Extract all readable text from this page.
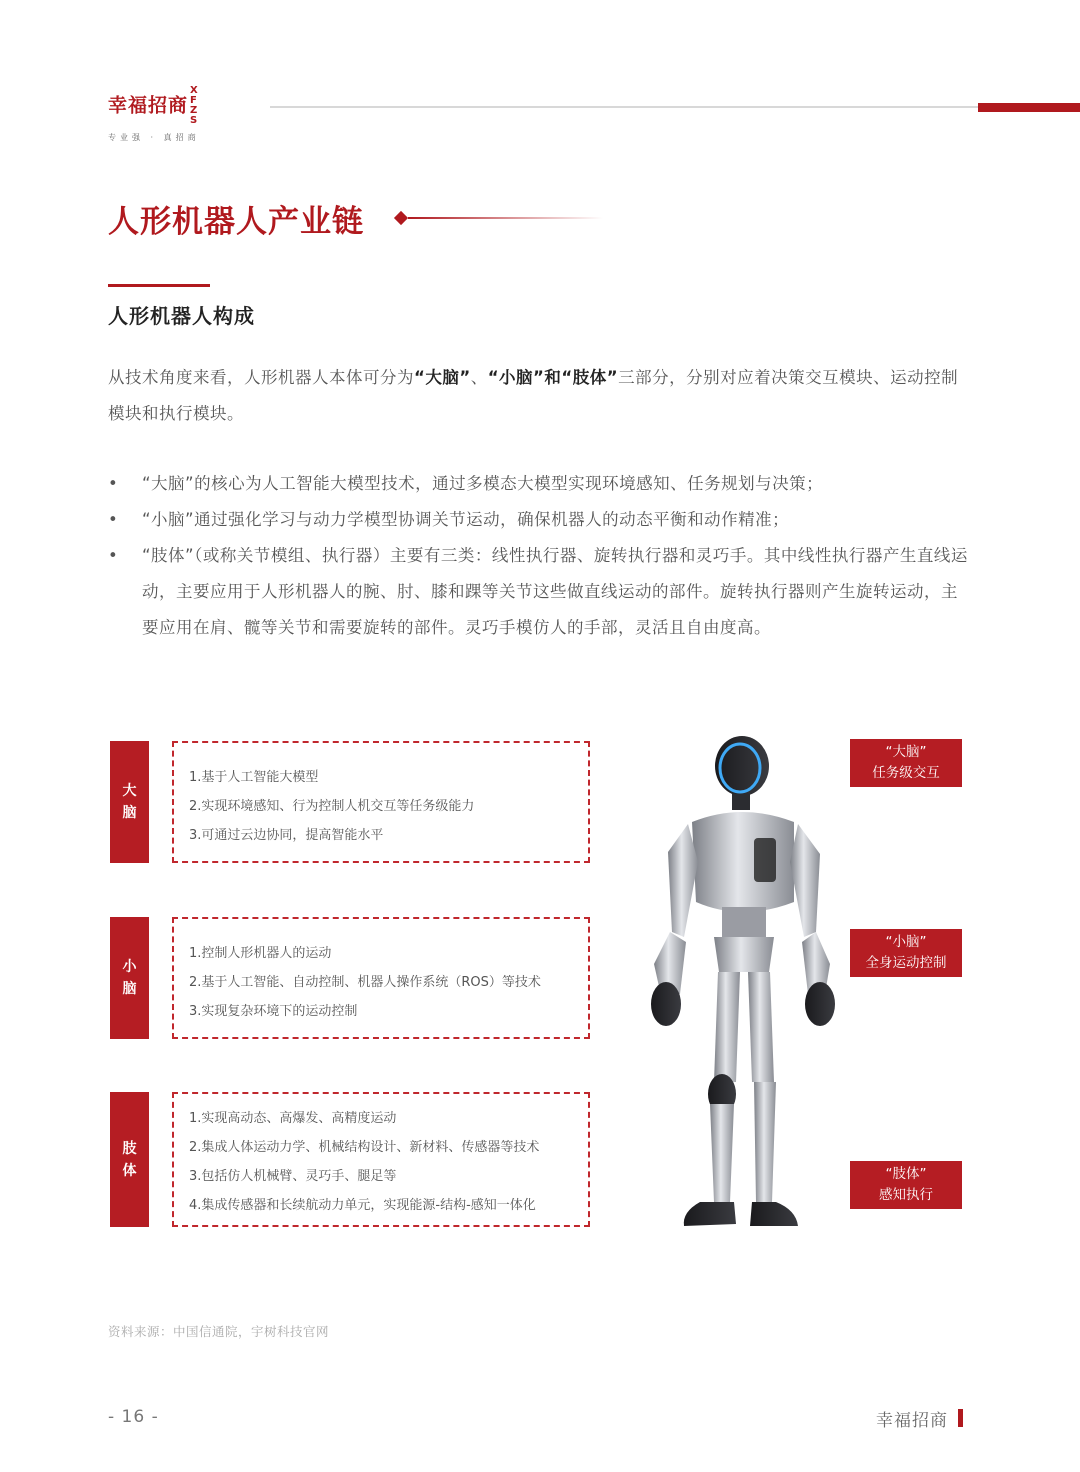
幸福招商XFZS
专业强 · 真招商
人形机器人产业链
人形机器人构成

从技术角度来看，人形机器人本体可分为“大脑”、“小脑”和“肢体”三部分，分别对应着决策交互模块、运动控制模块和执行模块。

• “大脑”的核心为人工智能大模型技术，通过多模态大模型实现环境感知、任务规划与决策；
• “小脑”通过强化学习与动力学模型协调关节运动，确保机器人的动态平衡和动作精准；
• “肢体”（或称关节模组、执行器）主要有三类：线性执行器、旋转执行器和灵巧手。其中线性执行器产生直线运动，主要应用于人形机器人的腕、肘、膝和踝等关节这些做直线运动的部件。旋转执行器则产生旋转运动，主要应用在肩、髋等关节和需要旋转的部件。灵巧手模仿人的手部，灵活且自由度高。
大脑

1.基于人工智能大模型

2.实现环境感知、行为控制人机交互等任务级能力

3.可通过云边协同，提高智能水平

小脑

1.控制人形机器人的运动

2.基于人工智能、自动控制、机器人操作系统（ROS）等技术

3.实现复杂环境下的运动控制

肢体

1.实现高动态、高爆发、高精度运动

2.集成人体运动力学、机械结构设计、新材料、传感器等技术

3.包括仿人机械臂、灵巧手、腿足等

4.集成传感器和长续航动力单元，实现能源-结构-感知一体化

“大脑”
任务级交互
“小脑”
全身运动控制
“肢体”
感知执行
资料来源：中国信通院，宇树科技官网
- 16 -	幸福招商
